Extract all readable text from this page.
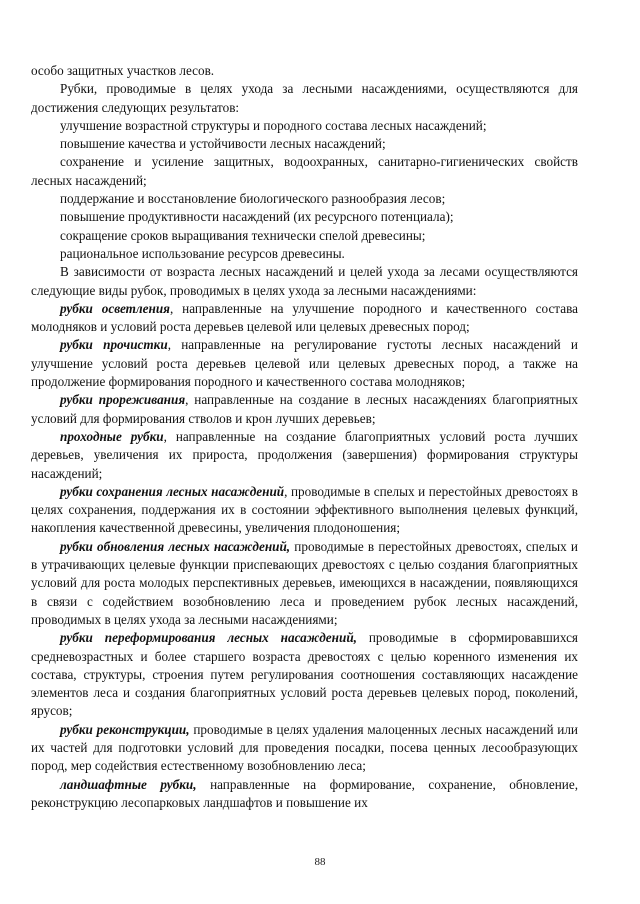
особо защитных участков лесов.

Рубки, проводимые в целях ухода за лесными насаждениями, осуществляются для достижения следующих результатов:

улучшение возрастной структуры и породного состава лесных насаждений;

повышение качества и устойчивости лесных насаждений;

сохранение и усиление защитных, водоохранных, санитарно-гигиенических свойств лесных насаждений;

поддержание и восстановление биологического разнообразия лесов;

повышение продуктивности насаждений (их ресурсного потенциала);

сокращение сроков выращивания технически спелой древесины;

рациональное использование ресурсов древесины.

В зависимости от возраста лесных насаждений и целей ухода за лесами осуществляются следующие виды рубок, проводимых в целях ухода за лесными насаждениями:

рубки осветления, направленные на улучшение породного и качественного состава молодняков и условий роста деревьев целевой или целевых древесных пород;

рубки прочистки, направленные на регулирование густоты лесных насаждений и улучшение условий роста деревьев целевой или целевых древесных пород, а также на продолжение формирования породного и качественного состава молодняков;

рубки прореживания, направленные на создание в лесных насаждениях благоприятных условий для формирования стволов и крон лучших деревьев;

проходные рубки, направленные на создание благоприятных условий роста лучших деревьев, увеличения их прироста, продолжения (завершения) формирования структуры насаждений;

рубки сохранения лесных насаждений, проводимые в спелых и перестойных древостоях в целях сохранения, поддержания их в состоянии эффективного выполнения целевых функций, накопления качественной древесины, увеличения плодоношения;

рубки обновления лесных насаждений, проводимые в перестойных древостоях, спелых и в утрачивающих целевые функции приспевающих древостоях с целью создания благоприятных условий для роста молодых перспективных деревьев, имеющихся в насаждении, появляющихся в связи с содействием возобновлению леса и проведением рубок лесных насаждений, проводимых в целях ухода за лесными насаждениями;

рубки переформирования лесных насаждений, проводимые в сформировавшихся средневозрастных и более старшего возраста древостоях с целью коренного изменения их состава, структуры, строения путем регулирования соотношения составляющих насаждение элементов леса и создания благоприятных условий роста деревьев целевых пород, поколений, ярусов;

рубки реконструкции, проводимые в целях удаления малоценных лесных насаждений или их частей для подготовки условий для проведения посадки, посева ценных лесообразующих пород, мер содействия естественному возобновлению леса;

ландшафтные рубки, направленные на формирование, сохранение, обновление, реконструкцию лесопарковых ландшафтов и повышение их

88
